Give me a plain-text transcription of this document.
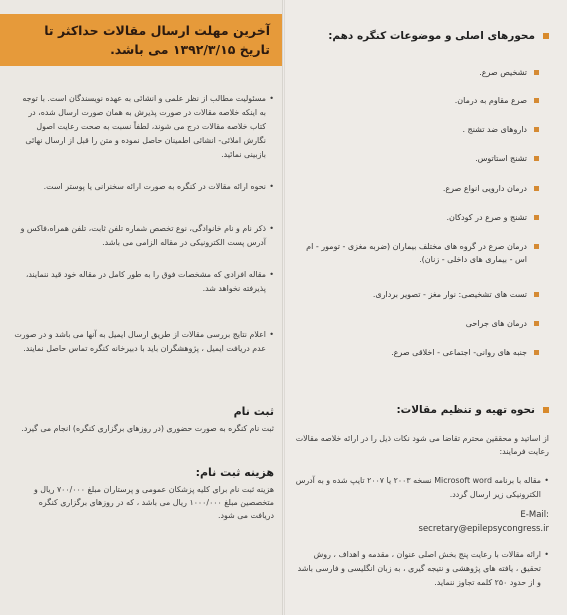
آخرین مهلت ارسال مقالات حداکثر تا تاریخ ۱۳۹۲/۳/۱۵ می باشد.

• مسئولیت مطالب از نظر علمی و انشائی به عهده نویسندگان است. با توجه به اینکه خلاصه مقالات در صورت پذیرش به همان صورت ارسال شده، در کتاب خلاصه مقالات درج می شوند، لطفاً نسبت به صحت رعایت اصول نگارش املائی- انشائی اطمینان حاصل نموده و متن را قبل از ارسال نهائی بازبینی نمائید.

• نحوه ارائه مقالات در کنگره به صورت ارائه سخنرانی یا پوستر است.

• ذکر نام و نام خانوادگی، نوع تخصص شماره تلفن ثابت، تلفن همراه،فاکس و آدرس پست الکترونیکی در مقاله الزامی می باشد.

• مقاله افرادی که مشخصات فوق را به طور کامل در مقاله خود قید ننمایند، پذیرفته نخواهد شد.

• اعلام نتایج بررسی مقالات از طریق ارسال ایمیل به آنها می باشد و در صورت عدم دریافت ایمیل ، پژوهشگران باید با دبیرخانه کنگره تماس حاصل نمایند.

ثبت نام

ثبت نام کنگره به صورت حضوری (در روزهای برگزاری کنگره) انجام می گیرد.

هزینه ثبت نام:

هزینه ثبت نام برای کلیه پزشکان عمومی و پرستاران مبلغ ۷۰۰/۰۰۰ ریال و متخصصین مبلغ ۱۰۰۰/۰۰۰ ریال می باشد ، که در روزهای برگزاری کنگره دریافت می شود.

محورهای اصلی و موضوعات کنگره دهم:

تشخیص صرع.

صرع مقاوم به درمان.

داروهای ضد تشنج .

تشنج استاتوس.

درمان دارویی انواع صرع.

تشنج و صرع در کودکان.

درمان صرع در گروه های مختلف بیماران (ضربه مغزی - تومور - ام اس - بیماری های داخلی - زنان).

تست های تشخیصی: نوار مغز - تصویر برداری.

درمان های جراحی

جنبه های روانی- اجتماعی - اخلاقی صرع.

نحوه تهیه و تنظیم مقالات:

از اساتید و محققین محترم تقاضا می شود نکات ذیل را در ارائه خلاصه مقالات رعایت فرمایند:

• مقاله با برنامه Microsoft word نسخه ۲۰۰۳ یا ۲۰۰۷ تایپ شده و به آدرس الکترونیکی زیر ارسال گردد.

E-Mail:

secretary@epilepsycongress.ir

• ارائه مقالات با رعایت پنج بخش اصلی عنوان ، مقدمه و اهداف ، روش تحقیق ، یافته های پژوهشی و نتیجه گیری ، به زبان انگلیسی و فارسی باشد و از حدود ۲۵۰ کلمه تجاوز ننماید.
